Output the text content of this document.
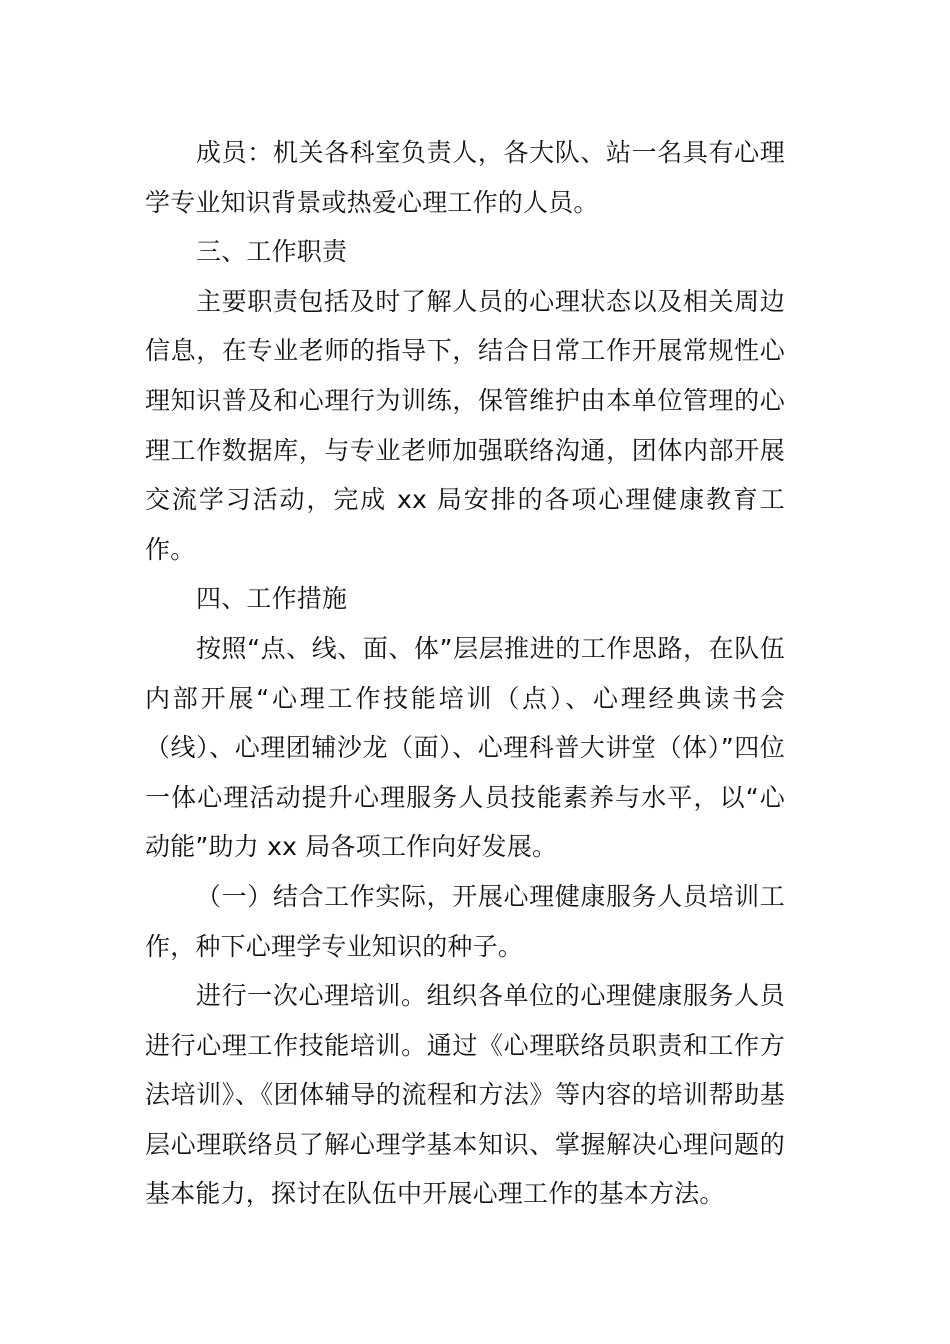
成员：机关各科室负责人，各大队、站一名具有心理学专业知识背景或热爱心理工作的人员。

三、工作职责

主要职责包括及时了解人员的心理状态以及相关周边信息，在专业老师的指导下，结合日常工作开展常规性心理知识普及和心理行为训练，保管维护由本单位管理的心理工作数据库，与专业老师加强联络沟通，团体内部开展交流学习活动，完成 xx 局安排的各项心理健康教育工作。

四、工作措施

按照“点、线、面、体”层层推进的工作思路，在队伍内部开展“心理工作技能培训（点）、心理经典读书会（线）、心理团辅沙龙（面）、心理科普大讲堂（体）”四位一体心理活动提升心理服务人员技能素养与水平，以“心动能”助力 xx 局各项工作向好发展。

（一）结合工作实际，开展心理健康服务人员培训工作，种下心理学专业知识的种子。

进行一次心理培训。组织各单位的心理健康服务人员进行心理工作技能培训。通过《心理联络员职责和工作方法培训》、《团体辅导的流程和方法》等内容的培训帮助基层心理联络员了解心理学基本知识、掌握解决心理问题的基本能力，探讨在队伍中开展心理工作的基本方法。
